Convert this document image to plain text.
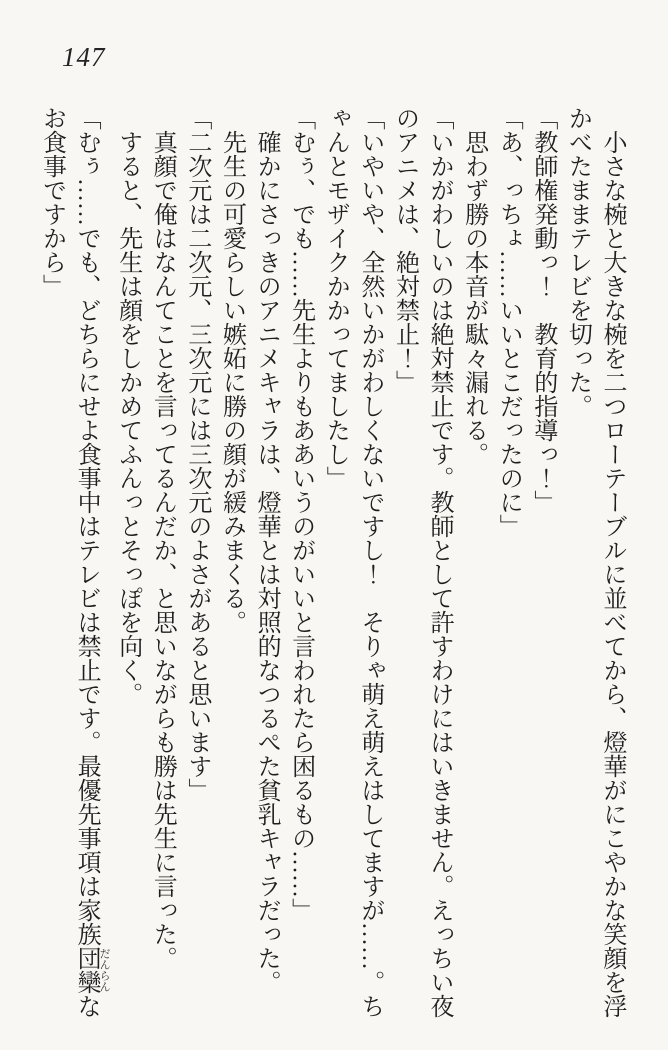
147
　小さな椀と大きな椀を二つローテーブルに並べてから、燈華がにこやかな笑顔を浮
かべたままテレビを切った。
「教師権発動っ！　教育的指導っ！」
「あ、っちょ……いいとこだったのに」
　思わず勝の本音が駄々漏れる。
「いかがわしいのは絶対禁止です。教師として許すわけにはいきません。えっちい夜
のアニメは、絶対禁止！」
「いやいや、全然いかがわしくないですし！　そりゃ萌え萌えはしてますが……。ち
ゃんとモザイクかかってましたし」
「むぅ、でも……先生よりもああいうのがいいと言われたら困るもの……」
　確かにさっきのアニメキャラは、燈華とは対照的なつるぺた貧乳キャラだった。
　先生の可愛らしい嫉妬に勝の顔が緩みまくる。
「二次元は二次元、三次元には三次元のよさがあると思います」
　真顔で俺はなんてことを言ってるんだか、と思いながらも勝は先生に言った。
　すると、先生は顔をしかめてふんっとそっぽを向く。
「むぅ……でも、どちらにせよ食事中はテレビは禁止です。最優先事項は家族団欒 だんらんな
お食事ですから」
